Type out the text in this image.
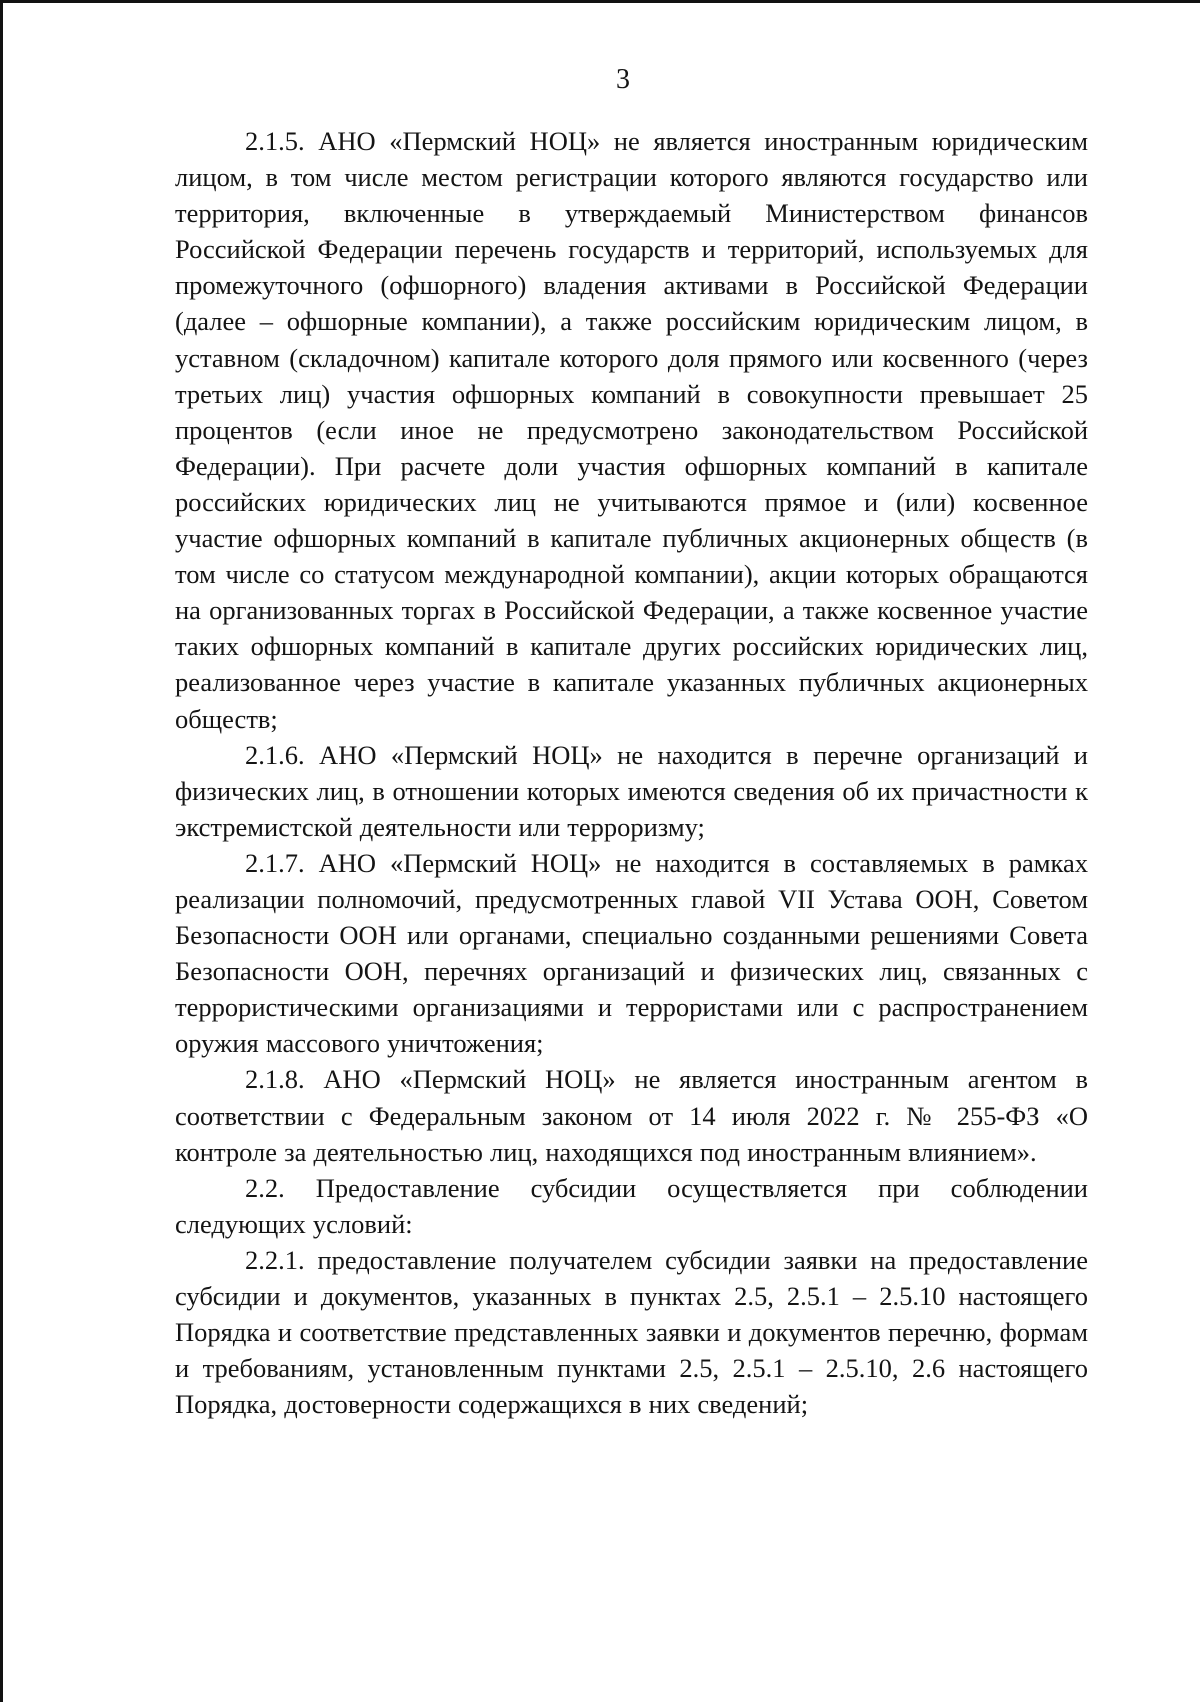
3

2.1.5. АНО «Пермский НОЦ» не является иностранным юридическим лицом, в том числе местом регистрации которого являются государство или территория, включенные в утверждаемый Министерством финансов Российской Федерации перечень государств и территорий, используемых для промежуточного (офшорного) владения активами в Российской Федерации (далее – офшорные компании), а также российским юридическим лицом, в уставном (складочном) капитале которого доля прямого или косвенного (через третьих лиц) участия офшорных компаний в совокупности превышает 25 процентов (если иное не предусмотрено законодательством Российской Федерации). При расчете доли участия офшорных компаний в капитале российских юридических лиц не учитываются прямое и (или) косвенное участие офшорных компаний в капитале публичных акционерных обществ (в том числе со статусом международной компании), акции которых обращаются на организованных торгах в Российской Федерации, а также косвенное участие таких офшорных компаний в капитале других российских юридических лиц, реализованное через участие в капитале указанных публичных акционерных обществ;

2.1.6. АНО «Пермский НОЦ» не находится в перечне организаций и физических лиц, в отношении которых имеются сведения об их причастности к экстремистской деятельности или терроризму;

2.1.7. АНО «Пермский НОЦ» не находится в составляемых в рамках реализации полномочий, предусмотренных главой VII Устава ООН, Советом Безопасности ООН или органами, специально созданными решениями Совета Безопасности ООН, перечнях организаций и физических лиц, связанных с террористическими организациями и террористами или с распространением оружия массового уничтожения;

2.1.8. АНО «Пермский НОЦ» не является иностранным агентом в соответствии с Федеральным законом от 14 июля 2022 г. № 255-ФЗ «О контроле за деятельностью лиц, находящихся под иностранным влиянием».

2.2. Предоставление субсидии осуществляется при соблюдении следующих условий:

2.2.1. предоставление получателем субсидии заявки на предоставление субсидии и документов, указанных в пунктах 2.5, 2.5.1 – 2.5.10 настоящего Порядка и соответствие представленных заявки и документов перечню, формам и требованиям, установленным пунктами 2.5, 2.5.1 – 2.5.10, 2.6 настоящего Порядка, достоверности содержащихся в них сведений;
